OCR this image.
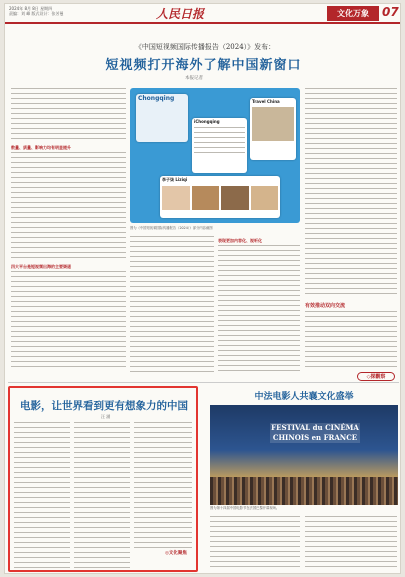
2024年 8月 8日 星期四
责编：刘 峰 版式设计：张芳曼	人民日报	文化万象	07
《中国短视频国际传播报告（2024）》发布：
短视频打开海外了解中国新窗口
本报记者
数量、质量、影响力均有明显提升
四大平台是短视频出海的主要渠道
Chongqing
iChongqing
Travel China
李子柒 Liziqi
图为《中国短视频国际传播报告（2024）》部分内容截图
表现更加内容化、视听化
有效推动双向交流
◇探觀察
电影，让世界看到更有想象力的中国
汪 涵
◎文化聚焦
中法电影人共襄文化盛举
FESTIVAL du CINÉMA CHINOIS en FRANCE
图为第十四届中国电影节在法国巴黎开幕现场。
